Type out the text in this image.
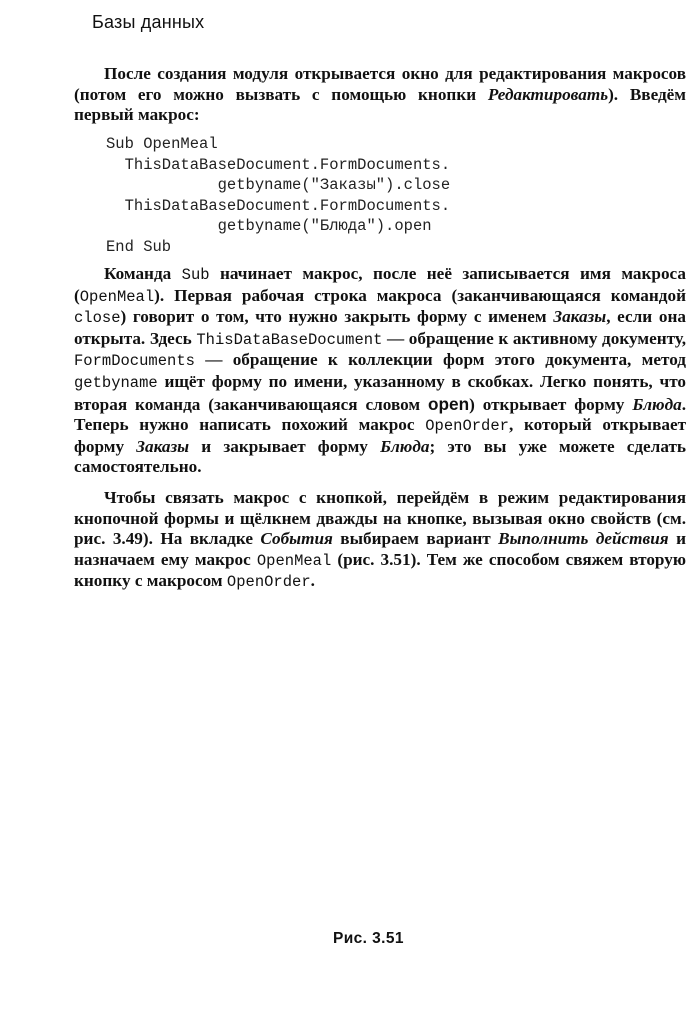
Базы данных

После создания модуля открывается окно для редактирования макросов (потом его можно вызвать с помощью кнопки Редактировать). Введём первый макрос:

Sub OpenMeal
ThisDataBaseDocument.FormDocuments.
getbyname("Заказы").close
ThisDataBaseDocument.FormDocuments.
getbyname("Блюда").open
End Sub

Команда Sub начинает макрос, после неё записывается имя макроса (OpenMeal). Первая рабочая строка макроса (заканчивающаяся командой close) говорит о том, что нужно закрыть форму с именем Заказы, если она открыта. Здесь ThisDataBaseDocument — обращение к активному документу, FormDocuments — обращение к коллекции форм этого документа, метод getbyname ищёт форму по имени, указанному в скобках. Легко понять, что вторая команда (заканчивающаяся словом open) открывает форму Блюда. Теперь нужно написать похожий макрос OpenOrder, который открывает форму Заказы и закрывает форму Блюда; это вы уже можете сделать самостоятельно.

Чтобы связать макрос с кнопкой, перейдём в режим редактирования кнопочной формы и щёлкнем дважды на кнопке, вызывая окно свойств (см. рис. 3.49). На вкладке События выбираем вариант Выполнить действия и назначаем ему макрос OpenMeal (рис. 3.51). Тем же способом свяжем вторую кнопку с макросом OpenOrder.

Рис. 3.51
